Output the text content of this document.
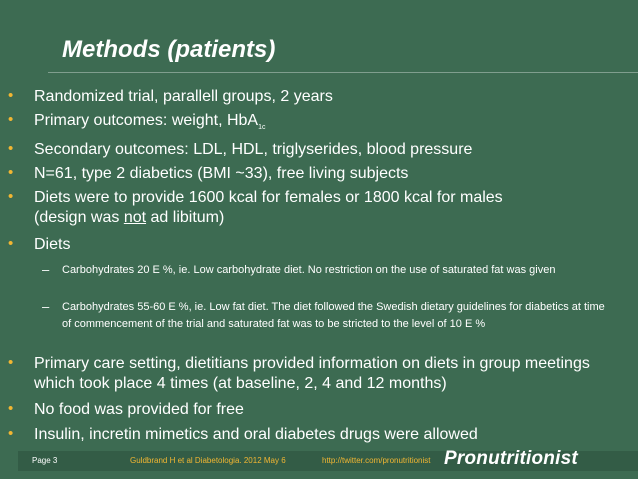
Methods (patients)
• Randomized trial, parallell groups, 2 years
• Primary outcomes: weight, HbA$_{1c}$
• Secondary outcomes: LDL, HDL, triglyserides, blood pressure
• N=61, type 2 diabetics (BMI ~33), free living subjects
• Diets were to provide 1600 kcal for females or 1800 kcal for males
(design was not ad libitum)
• Diets
– Carbohydrates 20 E %, ie. Low carbohydrate diet. No restriction on the use of saturated fat was given
– Carbohydrates 55-60 E %, ie. Low fat diet. The diet followed the Swedish dietary guidelines for diabetics at time of commencement of the trial and saturated fat was to be stricted to the level of 10 E %
• Primary care setting, dietitians provided information on diets in group meetings which took place 4 times (at baseline, 2, 4 and 12 months)
• No food was provided for free
• Insulin, incretin mimetics and oral diabetes drugs were allowed
Page 3	Guldbrand H et al Diabetologia. 2012 May 6	http://twitter.com/pronutritionist Pronutritionist
